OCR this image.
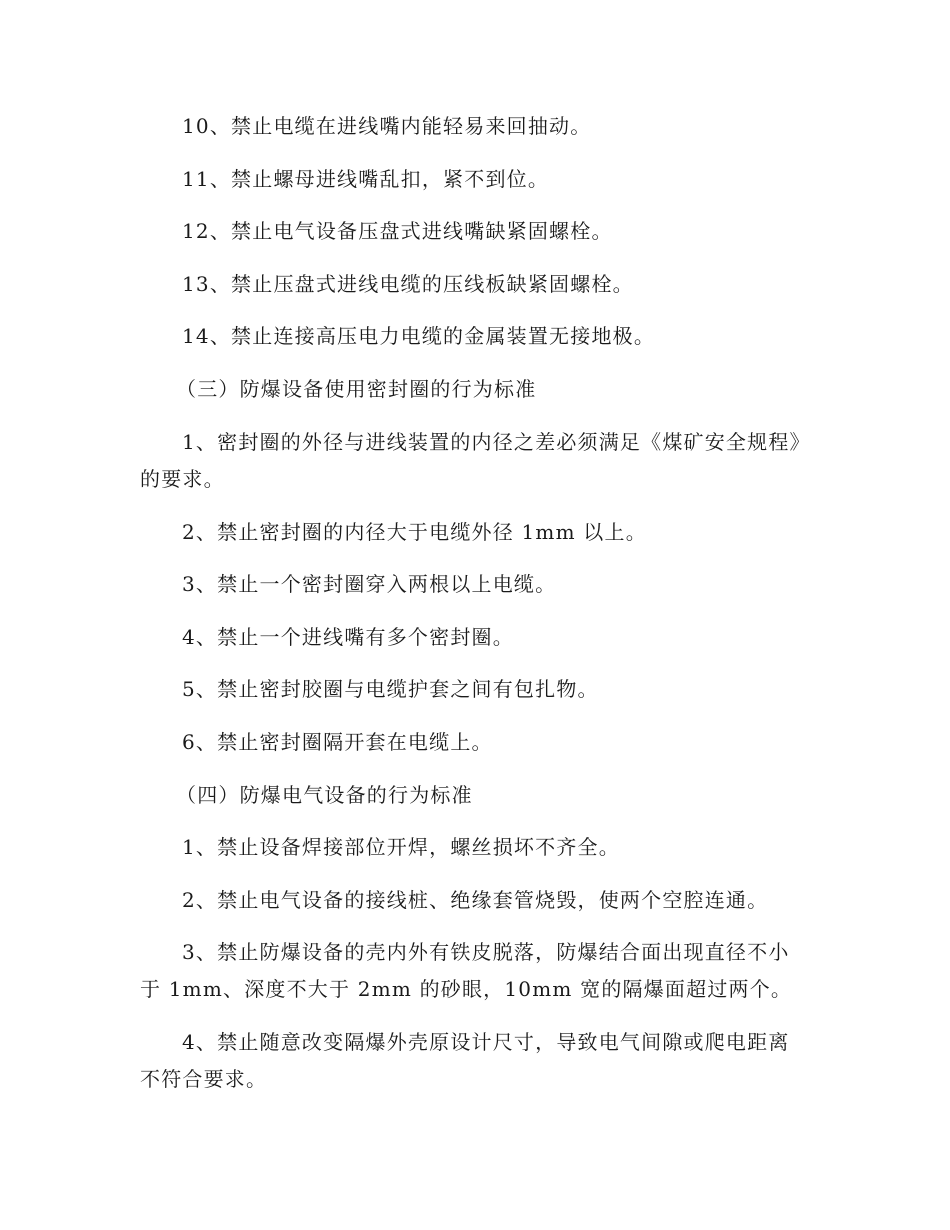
10、禁止电缆在进线嘴内能轻易来回抽动。

11、禁止螺母进线嘴乱扣，紧不到位。

12、禁止电气设备压盘式进线嘴缺紧固螺栓。

13、禁止压盘式进线电缆的压线板缺紧固螺栓。

14、禁止连接高压电力电缆的金属装置无接地极。

（三）防爆设备使用密封圈的行为标准

1、密封圈的外径与进线装置的内径之差必须满足《煤矿安全规程》的要求。

2、禁止密封圈的内径大于电缆外径 1mm 以上。

3、禁止一个密封圈穿入两根以上电缆。

4、禁止一个进线嘴有多个密封圈。

5、禁止密封胶圈与电缆护套之间有包扎物。

6、禁止密封圈隔开套在电缆上。

（四）防爆电气设备的行为标准

1、禁止设备焊接部位开焊，螺丝损坏不齐全。

2、禁止电气设备的接线桩、绝缘套管烧毁，使两个空腔连通。

3、禁止防爆设备的壳内外有铁皮脱落，防爆结合面出现直径不小于 1mm、深度不大于 2mm 的砂眼，10mm 宽的隔爆面超过两个。

4、禁止随意改变隔爆外壳原设计尺寸，导致电气间隙或爬电距离不符合要求。
